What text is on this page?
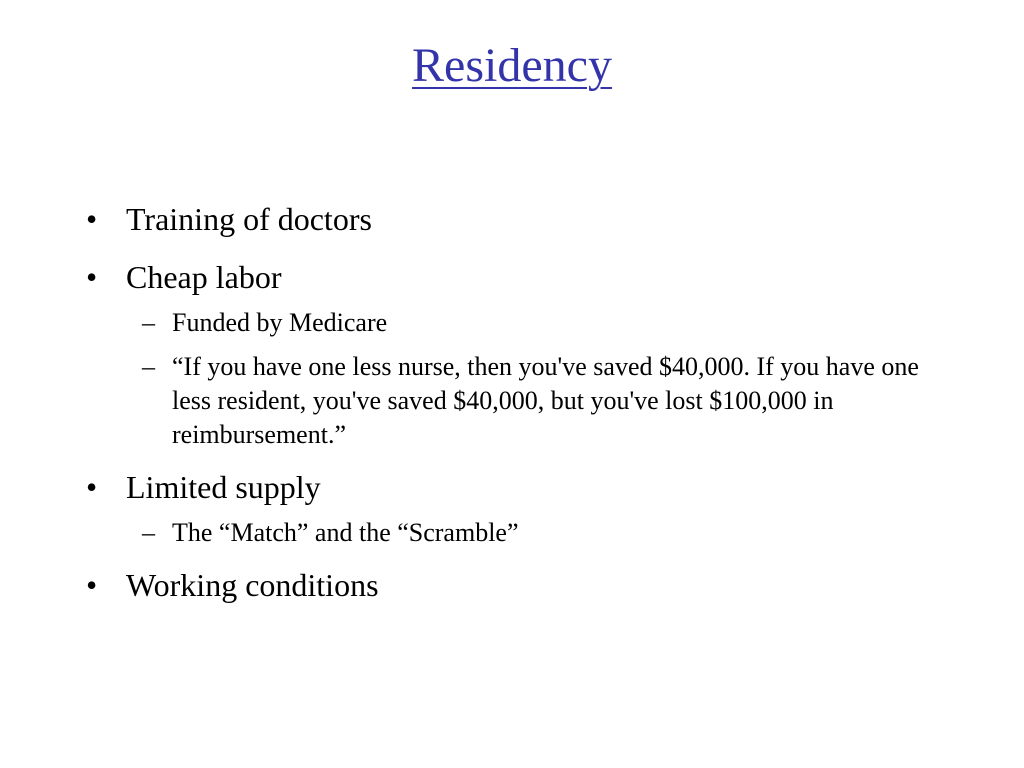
Residency
• Training of doctors
• Cheap labor
– Funded by Medicare
– “If you have one less nurse, then you've saved $40,000. If you have one less resident, you've saved $40,000, but you've lost $100,000 in reimbursement.”
• Limited supply
– The “Match” and the “Scramble”
• Working conditions
